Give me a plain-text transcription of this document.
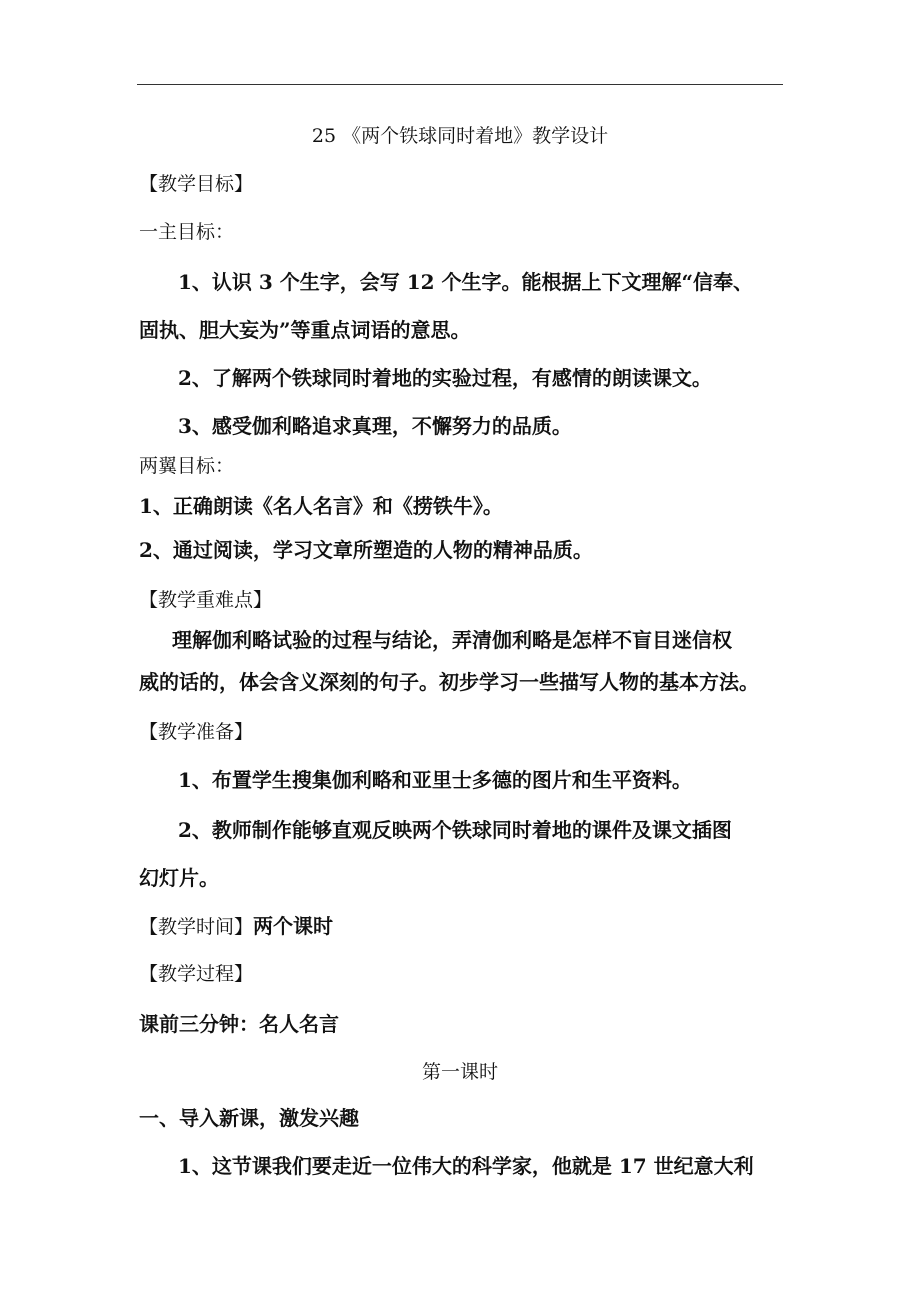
25 《两个铁球同时着地》教学设计
【教学目标】
一主目标：
1、认识 3 个生字，会写 12 个生字。能根据上下文理解“信奉、
固执、胆大妄为”等重点词语的意思。
2、了解两个铁球同时着地的实验过程，有感情的朗读课文。
3、感受伽利略追求真理，不懈努力的品质。
两翼目标：
1、正确朗读《名人名言》和《捞铁牛》。
2、通过阅读，学习文章所塑造的人物的精神品质。
【教学重难点】
理解伽利略试验的过程与结论，弄清伽利略是怎样不盲目迷信权
威的话的，体会含义深刻的句子。初步学习一些描写人物的基本方法。
【教学准备】
1、布置学生搜集伽利略和亚里士多德的图片和生平资料。
2、教师制作能够直观反映两个铁球同时着地的课件及课文插图
幻灯片。
【教学时间】两个课时
【教学过程】
课前三分钟：名人名言
第一课时
一、导入新课，激发兴趣
1、这节课我们要走近一位伟大的科学家，他就是 17 世纪意大利
